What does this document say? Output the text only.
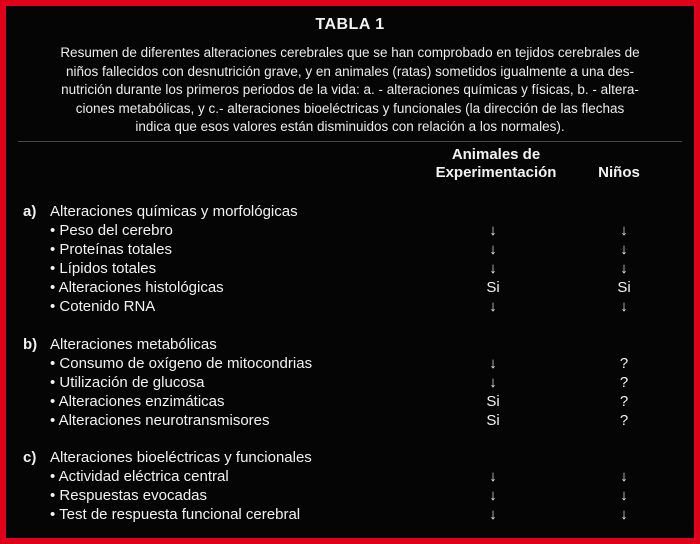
TABLA 1
Resumen de diferentes alteraciones cerebrales que se han comprobado en tejidos cerebrales de
niños fallecidos con desnutrición grave, y en animales (ratas) sometidos igualmente a una des-
nutrición durante los primeros periodos de la vida: a. - alteraciones químicas y físicas, b. - altera-
ciones metabólicas, y c.- alteraciones bioeléctricas y funcionales (la dirección de las flechas
indica que esos valores están disminuidos con relación a los normales).
Animales de
Experimentación	Niños
a) Alteraciones químicas y morfológicas
• Peso del cerebro	↓	↓
• Proteínas totales	↓	↓
• Lípidos totales	↓	↓
• Alteraciones histológicas	Si	Si
• Cotenido RNA	↓	↓
b) Alteraciones metabólicas
• Consumo de oxígeno de mitocondrias	↓	?
• Utilización de glucosa	↓	?
• Alteraciones enzimáticas	Si	?
• Alteraciones neurotransmisores	Si	?
c) Alteraciones bioeléctricas y funcionales
• Actividad eléctrica central	↓	↓
• Respuestas evocadas	↓	↓
• Test de respuesta funcional cerebral	↓	↓
